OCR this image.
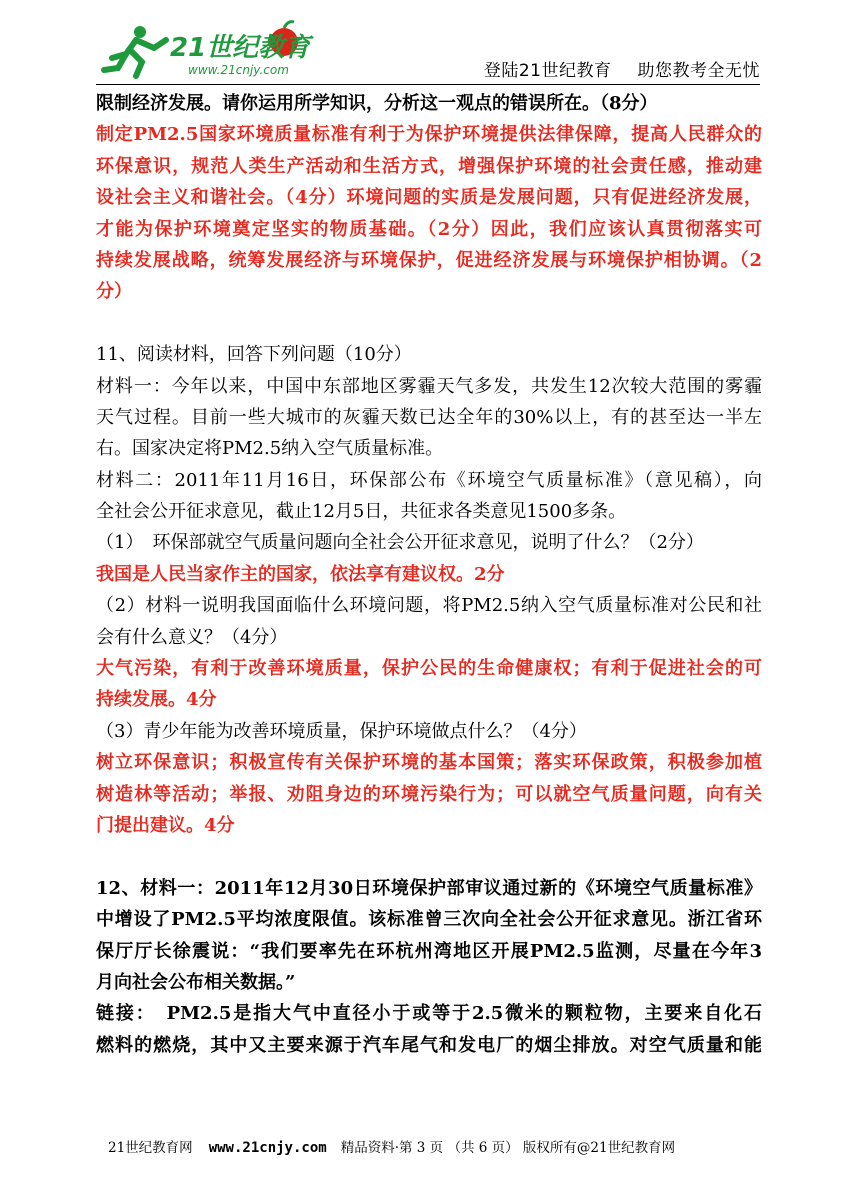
21世纪教育
www.21cnjy.com	登陆21世纪教育 助您教考全无忧
限制经济发展。请你运用所学知识，分析这一观点的错误所在。（8分）
制定PM2.5国家环境质量标准有利于为保护环境提供法律保障，提高人民群众的
环保意识，规范人类生产活动和生活方式，增强保护环境的社会责任感，推动建
设社会主义和谐社会。（4分）环境问题的实质是发展问题，只有促进经济发展，
才能为保护环境奠定坚实的物质基础。（2分）因此，我们应该认真贯彻落实可
持续发展战略，统筹发展经济与环境保护，促进经济发展与环境保护相协调。（2
分）
11、阅读材料，回答下列问题（10分）
材料一：今年以来，中国中东部地区雾霾天气多发，共发生12次较大范围的雾霾
天气过程。目前一些大城市的灰霾天数已达全年的30%以上，有的甚至达一半左
右。国家决定将PM2.5纳入空气质量标准。
材料二：2011年11月16日，环保部公布《环境空气质量标准》（意见稿），向
全社会公开征求意见，截止12月5日，共征求各类意见1500多条。
（1）　环保部就空气质量问题向全社会公开征求意见，说明了什么？（2分）
我国是人民当家作主的国家，依法享有建议权。2分
（2）材料一说明我国面临什么环境问题，将PM2.5纳入空气质量标准对公民和社
会有什么意义？（4分）
大气污染，有利于改善环境质量，保护公民的生命健康权；有利于促进社会的可
持续发展。4分
（3）青少年能为改善环境质量，保护环境做点什么？（4分）
树立环保意识；积极宣传有关保护环境的基本国策；落实环保政策，积极参加植
树造林等活动；举报、劝阻身边的环境污染行为；可以就空气质量问题，向有关
门提出建议。4分
12、材料一：2011年12月30日环境保护部审议通过新的《环境空气质量标准》
中增设了PM2.5平均浓度限值。该标准曾三次向全社会公开征求意见。浙江省环
保厅厅长徐震说：“我们要率先在环杭州湾地区开展PM2.5监测，尽量在今年3
月向社会公布相关数据。”
链接：　PM2.5是指大气中直径小于或等于2.5微米的颗粒物，主要来自化石
燃料的燃烧，其中又主要来源于汽车尾气和发电厂的烟尘排放。对空气质量和能
21世纪教育网 www.21cnjy.com 精品资料·第 3 页 （共 6 页） 版权所有@21世纪教育网
